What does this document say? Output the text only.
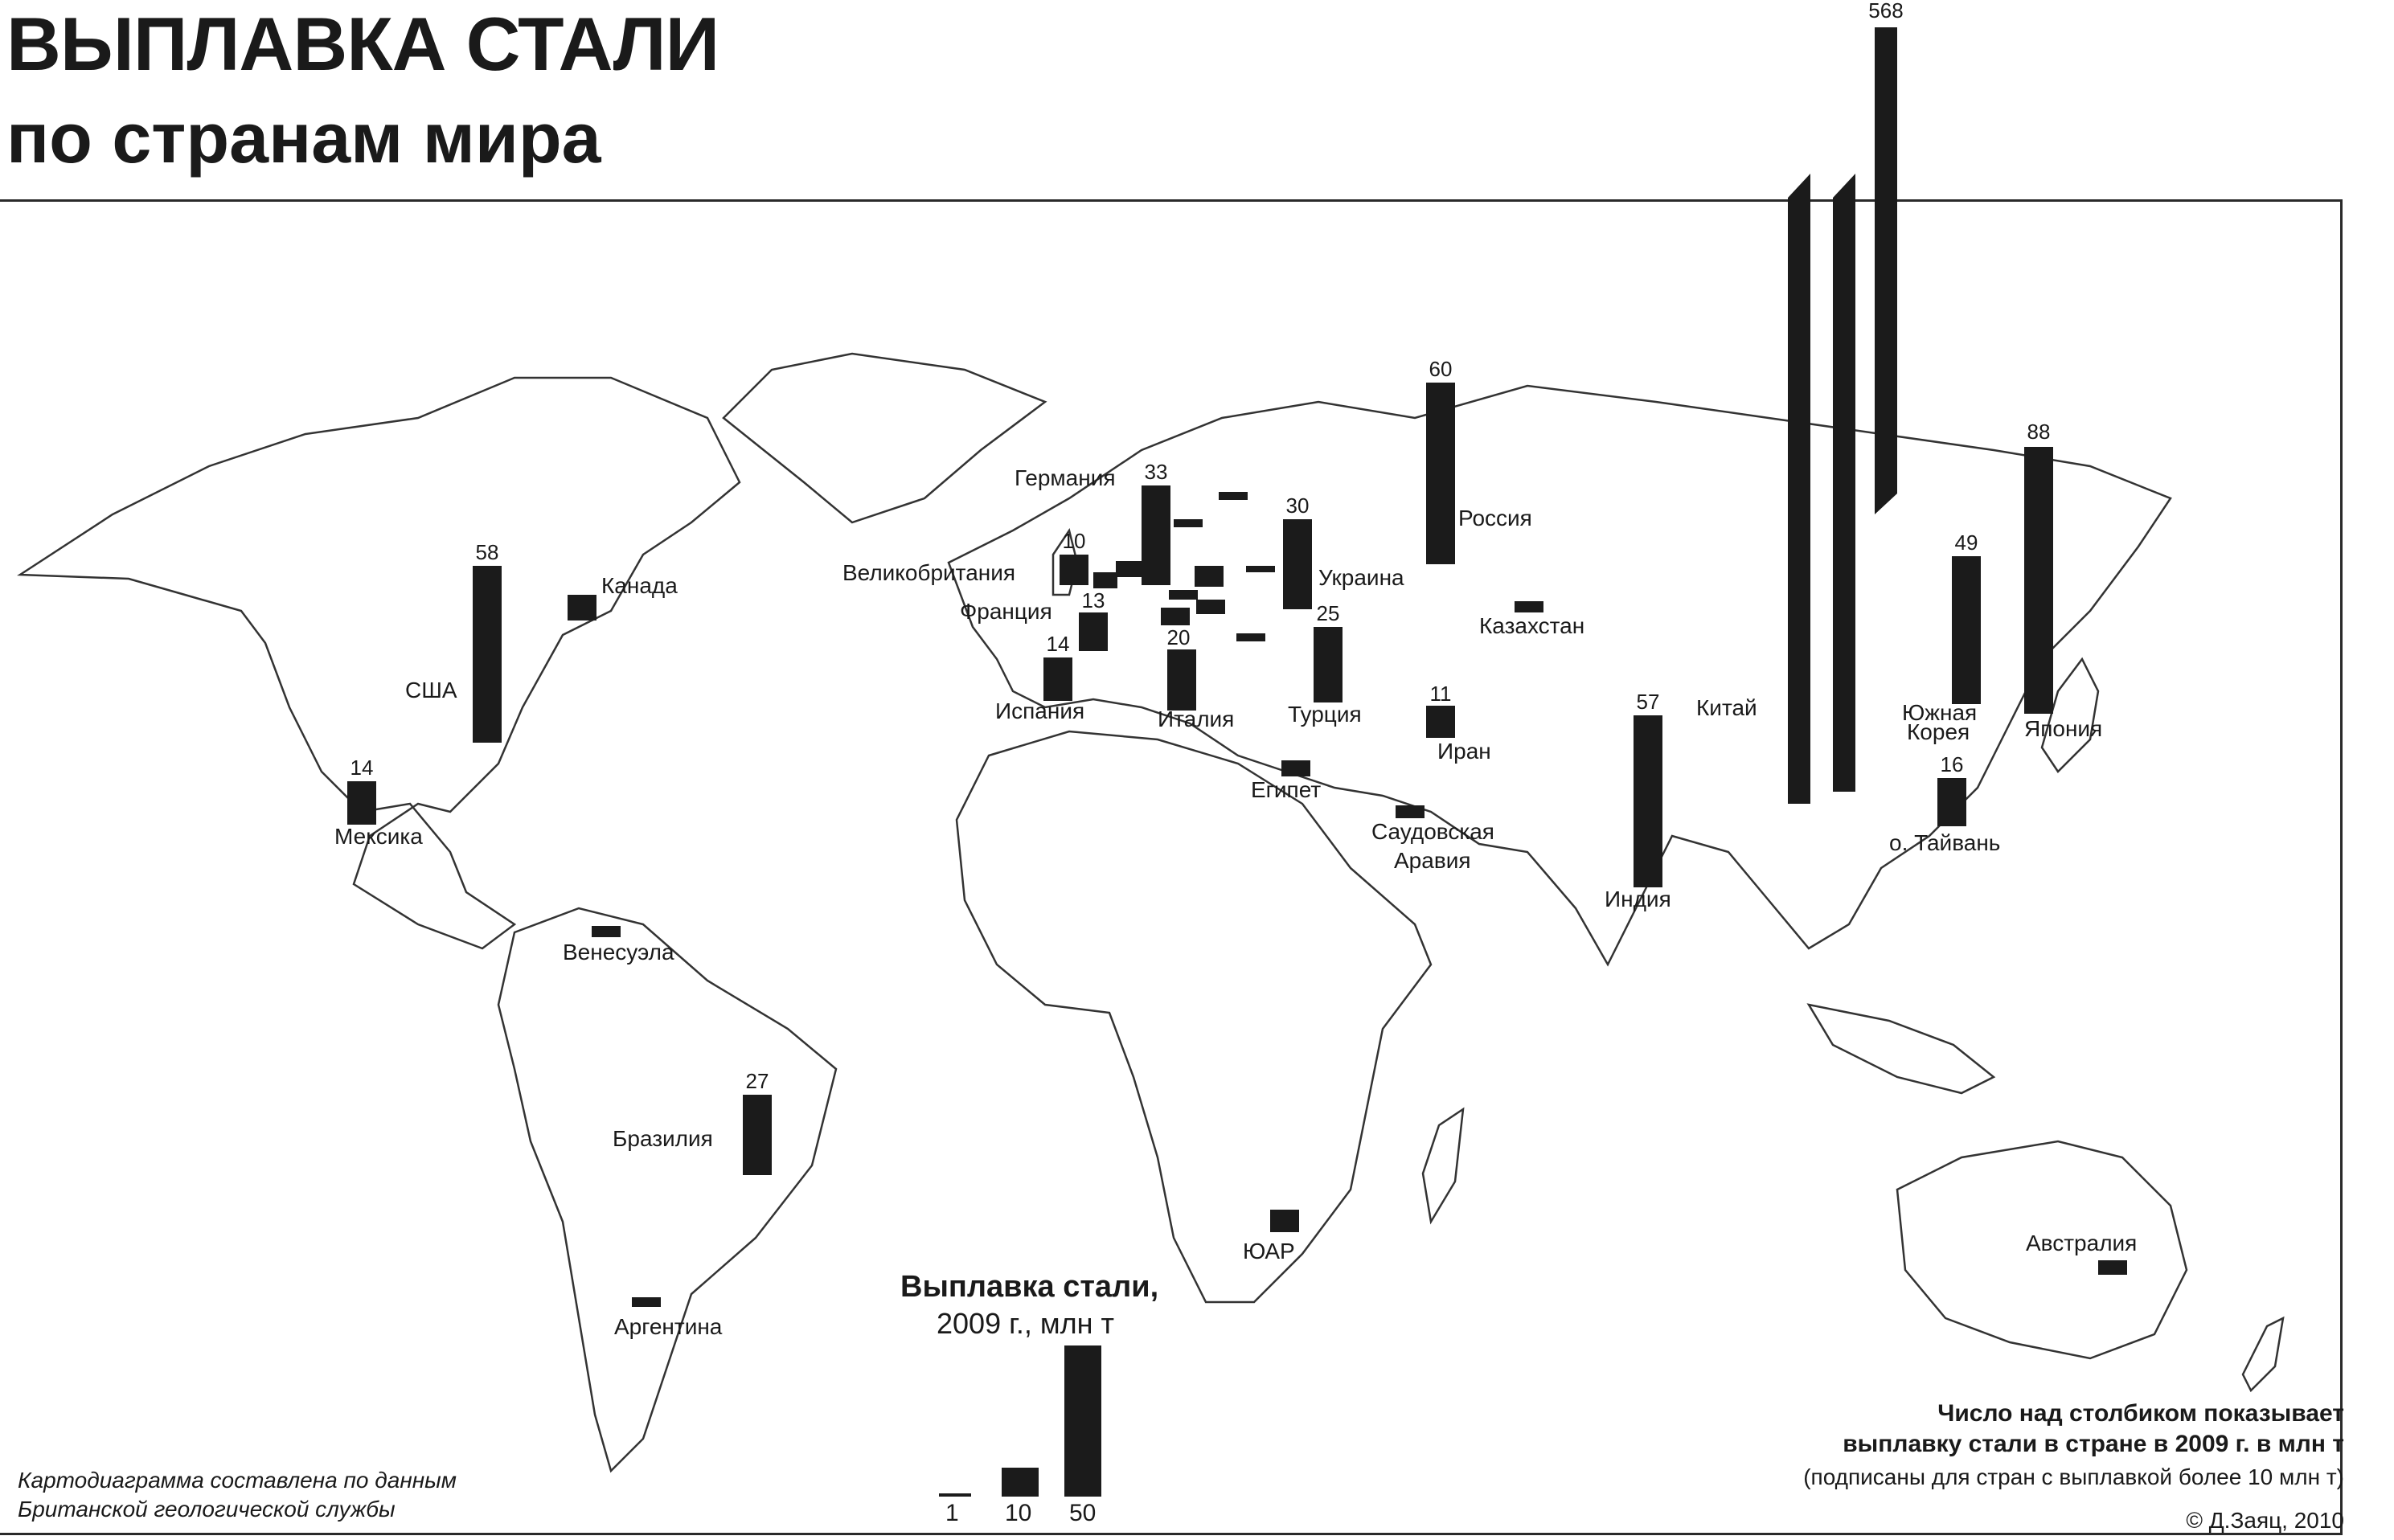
ВЫПЛАВКА СТАЛИ
по странам мира
568
88
60
58
57
49
33
30
27
25
20
16
14
14
13
11
10
Китай
Япония
Россия
США
Индия
Южная
Корея
Германия
Украина
Турция
Италия
о. Тайвань
Испания
Мексика
Франция
Иран
Великобритания
Канада
Казахстан
Египет
Саудовская
Аравия
Венесуэла
Аргентина
ЮАР	Австралия
Бразилия
Выплавка стали,
2009 г., млн т
1 10 50
Число над столбиком показывает
выплавку стали в стране в 2009 г. в млн т
(подписаны для стран с выплавкой более 10 млн т)
Картодиаграмма составлена по данным
Британской геологической службы	© Д.Заяц, 2010
